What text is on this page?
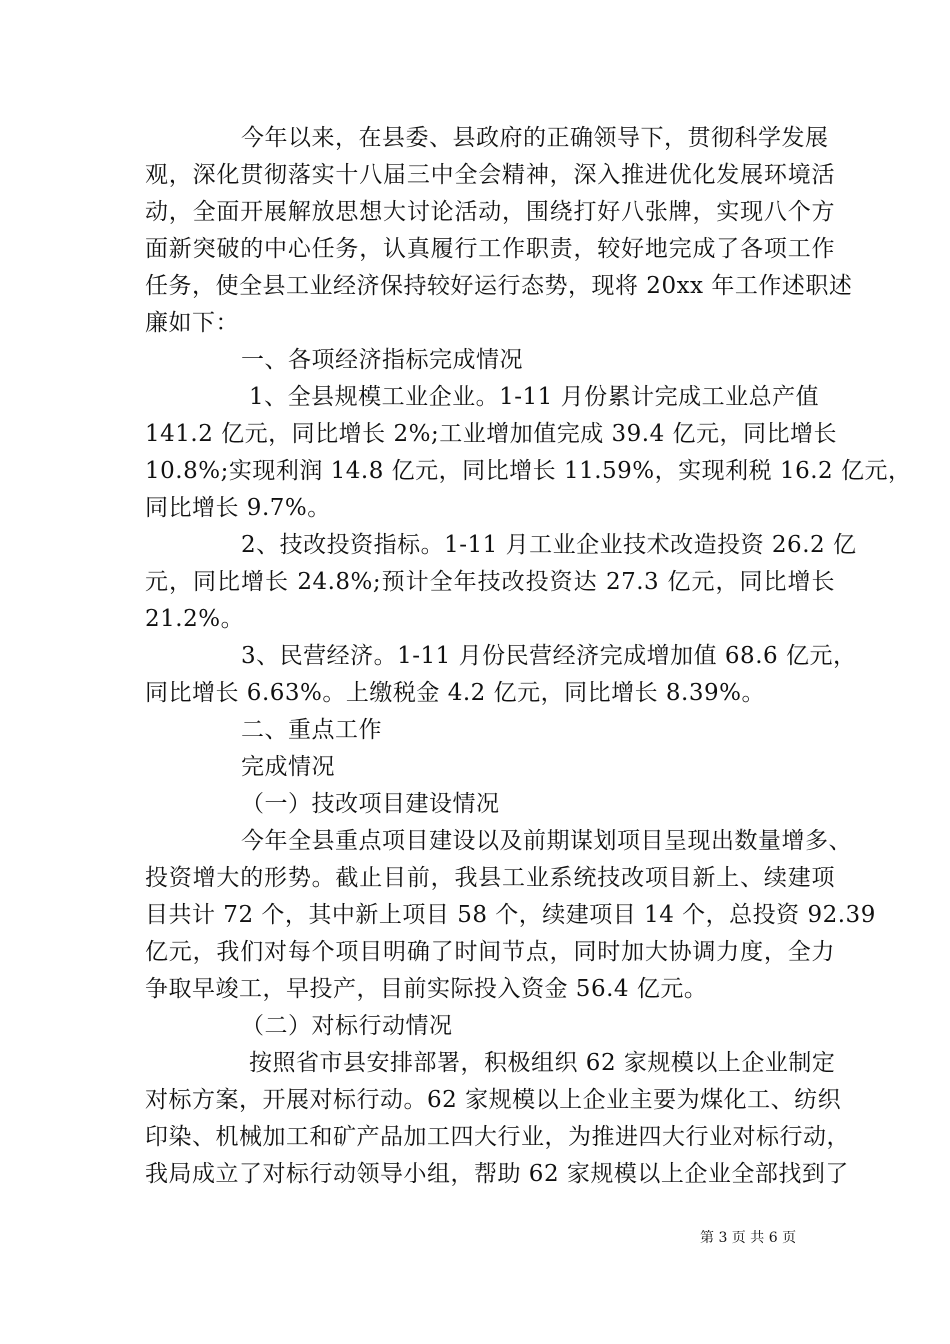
今年以来，在县委、县政府的正确领导下，贯彻科学发展
观，深化贯彻落实十八届三中全会精神，深入推进优化发展环境活
动，全面开展解放思想大讨论活动，围绕打好八张牌，实现八个方
面新突破的中心任务，认真履行工作职责，较好地完成了各项工作
任务，使全县工业经济保持较好运行态势，现将 20xx 年工作述职述
廉如下：
一、各项经济指标完成情况
1、全县规模工业企业。1-11 月份累计完成工业总产值
141.2 亿元，同比增长 2%;工业增加值完成 39.4 亿元，同比增长
10.8%;实现利润 14.8 亿元，同比增长 11.59%，实现利税 16.2 亿元，
同比增长 9.7%。
2、技改投资指标。1-11 月工业企业技术改造投资 26.2 亿
元，同比增长 24.8%;预计全年技改投资达 27.3 亿元，同比增长
21.2%。
3、民营经济。1-11 月份民营经济完成增加值 68.6 亿元，
同比增长 6.63%。上缴税金 4.2 亿元，同比增长 8.39%。
二、重点工作
完成情况
（一）技改项目建设情况
今年全县重点项目建设以及前期谋划项目呈现出数量增多、
投资增大的形势。截止目前，我县工业系统技改项目新上、续建项
目共计 72 个，其中新上项目 58 个，续建项目 14 个，总投资 92.39
亿元，我们对每个项目明确了时间节点，同时加大协调力度，全力
争取早竣工，早投产，目前实际投入资金 56.4 亿元。
（二）对标行动情况
按照省市县安排部署，积极组织 62 家规模以上企业制定
对标方案，开展对标行动。62 家规模以上企业主要为煤化工、纺织
印染、机械加工和矿产品加工四大行业，为推进四大行业对标行动，
我局成立了对标行动领导小组，帮助 62 家规模以上企业全部找到了
第 3 页 共 6 页
